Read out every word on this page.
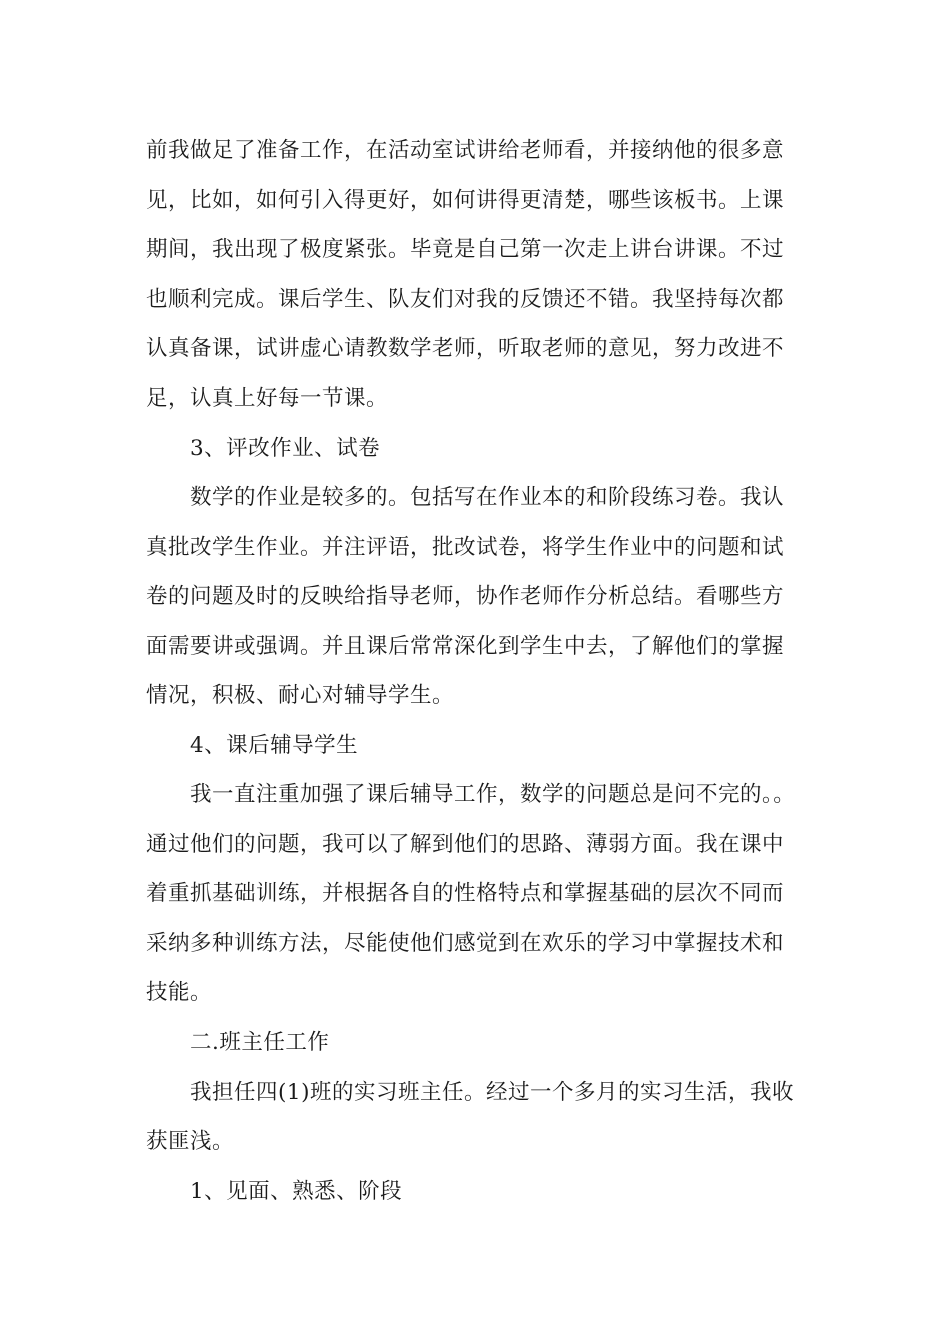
前我做足了准备工作，在活动室试讲给老师看，并接纳他的很多意
见，比如，如何引入得更好，如何讲得更清楚，哪些该板书。上课
期间，我出现了极度紧张。毕竟是自己第一次走上讲台讲课。不过
也顺利完成。课后学生、队友们对我的反馈还不错。我坚持每次都
认真备课，试讲虚心请教数学老师，听取老师的意见，努力改进不
足，认真上好每一节课。
3、评改作业、试卷
数学的作业是较多的。包括写在作业本的和阶段练习卷。我认
真批改学生作业。并注评语，批改试卷，将学生作业中的问题和试
卷的问题及时的反映给指导老师，协作老师作分析总结。看哪些方
面需要讲或强调。并且课后常常深化到学生中去，了解他们的掌握
情况，积极、耐心对辅导学生。
4、课后辅导学生
我一直注重加强了课后辅导工作，数学的问题总是问不完的。。
通过他们的问题，我可以了解到他们的思路、薄弱方面。我在课中
着重抓基础训练，并根据各自的性格特点和掌握基础的层次不同而
采纳多种训练方法，尽能使他们感觉到在欢乐的学习中掌握技术和
技能。
二.班主任工作
我担任四(1)班的实习班主任。经过一个多月的实习生活，我收
获匪浅。
1、见面、熟悉、阶段
